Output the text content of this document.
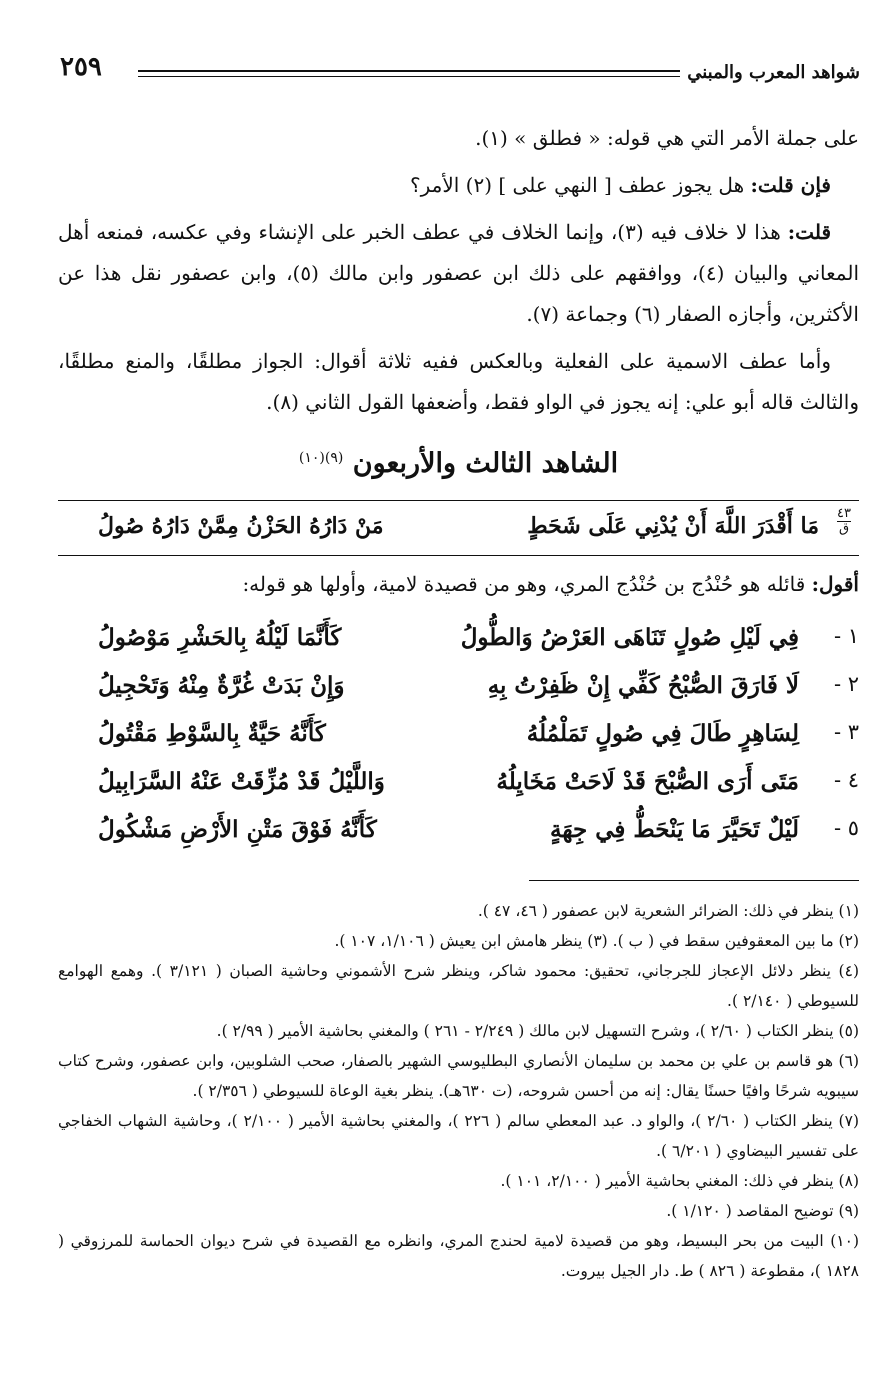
شواهد المعرب والمبني
٢٥٩

على جملة الأمر التي هي قوله: « فطلق » (١).

فإن قلت: هل يجوز عطف [ النهي على ] (٢) الأمر؟

قلت: هذا لا خلاف فيه (٣)، وإنما الخلاف في عطف الخبر على الإنشاء وفي عكسه، فمنعه أهل المعاني والبيان (٤)، ووافقهم على ذلك ابن عصفور وابن مالك (٥)، وابن عصفور نقل هذا عن الأكثرين، وأجازه الصفار (٦) وجماعة (٧).

وأما عطف الاسمية على الفعلية وبالعكس ففيه ثلاثة أقوال: الجواز مطلقًا، والمنع مطلقًا، والثالث قاله أبو علي: إنه يجوز في الواو فقط، وأضعفها القول الثاني (٨).

الشاهد الثالث والأربعون $^{(٩)(١٠)}$
٤٣
ق
مَا أَقْدَرَ اللَّهَ أَنْ يُدْنِي عَلَى شَحَطٍ
مَنْ دَارُهُ الحَزْنُ مِمَّنْ دَارُهُ صُولُ
أقول: قائله هو حُنْدُج بن حُنْدُج المري، وهو من قصيدة لامية، وأولها هو قوله:
١ -
فِي لَيْلِ صُولٍ تَنَاهَى العَرْضُ وَالطُّولُ
كَأَنَّمَا لَيْلُهُ بِالحَشْرِ مَوْصُولُ
٢ -
لَا فَارَقَ الصُّبْحُ كَفِّي إِنْ ظَفِرْتُ بِهِ
وَإِنْ بَدَتْ غُرَّةٌ مِنْهُ وَتَحْجِيلُ
٣ -
لِسَاهِرٍ طَالَ فِي صُولٍ تَمَلْمُلُهُ
كَأَنَّهُ حَيَّةٌ بِالسَّوْطِ مَقْتُولُ
٤ -
مَتَى أَرَى الصُّبْحَ قَدْ لَاحَتْ مَخَايِلُهُ
وَاللَّيْلُ قَدْ مُزِّقَتْ عَنْهُ السَّرَابِيلُ
٥ -
لَيْلٌ تَحَيَّرَ مَا يَنْحَطُّ فِي جِهَةٍ
كَأَنَّهُ فَوْقَ مَتْنِ الأَرْضِ مَشْكُولُ

(١) ينظر في ذلك: الضرائر الشعرية لابن عصفور ( ٤٦، ٤٧ ).

(٢) ما بين المعقوفين سقط في ( ب ). (٣) ينظر هامش ابن يعيش ( ١/١٠٦، ١٠٧ ).

(٤) ينظر دلائل الإعجاز للجرجاني، تحقيق: محمود شاكر، وينظر شرح الأشموني وحاشية الصبان ( ٣/١٢١ ). وهمع الهوامع للسيوطي ( ٢/١٤٠ ).

(٥) ينظر الكتاب ( ٢/٦٠ )، وشرح التسهيل لابن مالك ( ٢/٢٤٩ - ٢٦١ ) والمغني بحاشية الأمير ( ٢/٩٩ ).

(٦) هو قاسم بن علي بن محمد بن سليمان الأنصاري البطليوسي الشهير بالصفار، صحب الشلوبين، وابن عصفور، وشرح كتاب سيبويه شرحًا وافيًا حسنًا يقال: إنه من أحسن شروحه، (ت ٦٣٠هـ). ينظر بغية الوعاة للسيوطي ( ٢/٣٥٦ ).

(٧) ينظر الكتاب ( ٢/٦٠ )، والواو د. عبد المعطي سالم ( ٢٢٦ )، والمغني بحاشية الأمير ( ٢/١٠٠ )، وحاشية الشهاب الخفاجي على تفسير البيضاوي ( ٦/٢٠١ ).

(٨) ينظر في ذلك: المغني بحاشية الأمير ( ٢/١٠٠، ١٠١ ).

(٩) توضيح المقاصد ( ١/١٢٠ ).

(١٠) البيت من بحر البسيط، وهو من قصيدة لامية لحندج المري، وانظره مع القصيدة في شرح ديوان الحماسة للمرزوقي ( ١٨٢٨ )، مقطوعة ( ٨٢٦ ) ط. دار الجيل بيروت.
